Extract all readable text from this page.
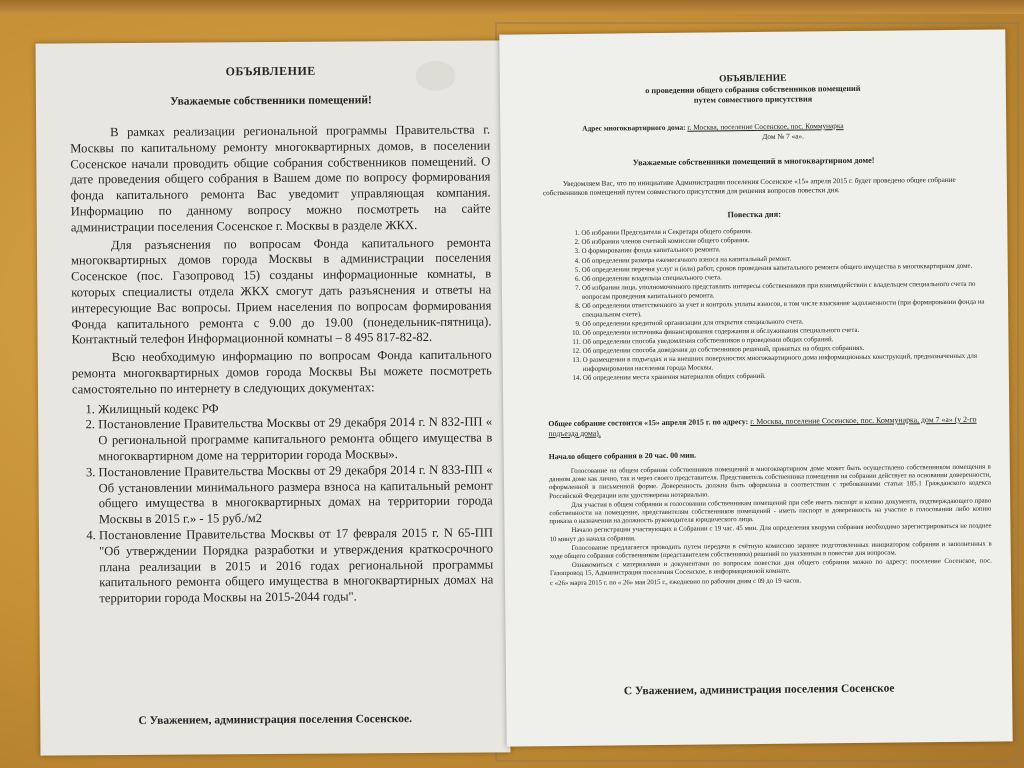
ОБЪЯВЛЕНИЕ
Уважаемые собственники помещений!

В рамках реализации региональной программы Правительства г. Москвы по капитальному ремонту многоквартирных домов, в поселении Сосенское начали проводить общие собрания собственников помещений. О дате проведения общего собрания в Вашем доме по вопросу формирования фонда капитального ремонта Вас уведомит управляющая компания. Информацию по данному вопросу можно посмотреть на сайте администрации поселения Сосенское г. Москвы в разделе ЖКХ.

Для разъяснения по вопросам Фонда капитального ремонта многоквартирных домов города Москвы в администрации поселения Сосенское (пос. Газопровод 15) созданы информационные комнаты, в которых специалисты отдела ЖКХ смогут дать разъяснения и ответы на интересующие Вас вопросы. Прием населения по вопросам формирования Фонда капитального ремонта с 9.00 до 19.00 (понедельник-пятница). Контактный телефон Информационной комнаты – 8 495 817-82-82.

Всю необходимую информацию по вопросам Фонда капитального ремонта многоквартирных домов города Москвы Вы можете посмотреть самостоятельно по интернету в следующих документах:

1. Жилищный кодекс РФ
2. Постановление Правительства Москвы от 29 декабря 2014 г. N 832-ПП « О региональной программе капитального ремонта общего имущества в многоквартирном доме на территории города Москвы».
3. Постановление Правительства Москвы от 29 декабря 2014 г. N 833-ПП « Об установлении минимального размера взноса на капитальный ремонт общего имущества в многоквартирных домах на территории города Москвы в 2015 г.» - 15 руб./м2
4. Постановление Правительства Москвы от 17 февраля 2015 г. N 65-ПП "Об утверждении Порядка разработки и утверждения краткосрочного плана реализации в 2015 и 2016 годах региональной программы капитального ремонта общего имущества в многоквартирных домах на территории города Москвы на 2015-2044 годы".
С Уважением, администрация поселения Сосенское.
ОБЪЯВЛЕНИЕ
о проведении общего собрания собственников помещений
путем совместного присутствия
Адрес многоквартирного дома: г. Москва, поселение Сосенское, пос. Коммунарка
Дом № 7 «а».
Уважаемые собственники помещений в многоквартирном доме!
Уведомляем Вас, что по инициативе Администрации поселения Сосенское «15» апреля 2015 г. будет проведено общее собрание собственников помещений путем совместного присутствия для решения вопросов повестки дня.
Повестка дня:
1. Об избрании Председателя и Секретаря общего собрания.
2. Об избрании членов счетной комиссии общего собрания.
3. О формировании фонда капитального ремонта.
4. Об определении размера ежемесячного взноса на капитальный ремонт.
5. Об определении перечня услуг и (или) работ, сроков проведения капитального ремонта общего имущества в многоквартирном доме.
6. Об определении владельца специального счета.
7. Об избрании лица, уполномоченного представлять интересы собственников при взаимодействии с владельцем специального счета по вопросам проведения капитального ремонта.
8. Об определении ответственного за учет и контроль уплаты взносов, в том числе взыскание задолженности (при формировании фонда на специальном счете).
9. Об определении кредитной организации для открытия специального счета.
10. Об определении источника финансирования содержания и обслуживания специального счета.
11. Об определении способа уведомления собственников о проведении общих собраний.
12. Об определении способа доведения до собственников решений, принятых на общих собраниях.
13. О размещении в подъездах и на внешних поверхностях многоквартирного дома информационных конструкций, предназначенных для информирования населения города Москвы.
14. Об определении места хранения материалов общих собраний.
Общее собрание состоится «15» апреля 2015 г. по адресу: г. Москва, поселение Сосенское, пос. Коммунарка, дом 7 «а» (у 2-го подъезда дома).
Начало общего собрания в 20 час. 00 мин.

Голосование на общем собрании собственников помещений в многоквартирном доме может быть осуществлено собственником помещения в данном доме как лично, так и через своего представителя. Представитель собственника помещения на собрании действует на основании доверенности, оформленной в письменной форме. Доверенность должна быть оформлена в соответствии с требованиями статьи 185.1 Гражданского кодекса Российской Федерации или удостоверена нотариально.

Для участия в общем собрании и голосовании собственникам помещений при себе иметь паспорт и копию документа, подтверждающего право собственности на помещение, представителям собственников помещений - иметь паспорт и доверенность на участие в голосовании либо копию приказа о назначении на должность руководителя юридического лица.

Начало регистрации участвующих в Собрании с 19 час. 45 мин. Для определения кворума собрания необходимо зарегистрироваться не позднее 10 минут до начала собрания.

Голосование предлагается проводить путем передачи в счётную комиссию заранее подготовленных инициатором собрания и заполненных в ходе общего собрания собственником (представителем собственника) решений по указанным в повестке дня вопросам.

Ознакомиться с материалами и документами по вопросам повестки дня общего собрания можно по адресу: поселение Сосенское, пос. Газопровод 15, Администрация поселения Сосенское, в информационной комнате.

с «26» марта 2015 г. по « 26» мая 2015 г., ежедневно по рабочим дням с 09 до 19 часов.

С Уважением, администрация поселения Сосенское
